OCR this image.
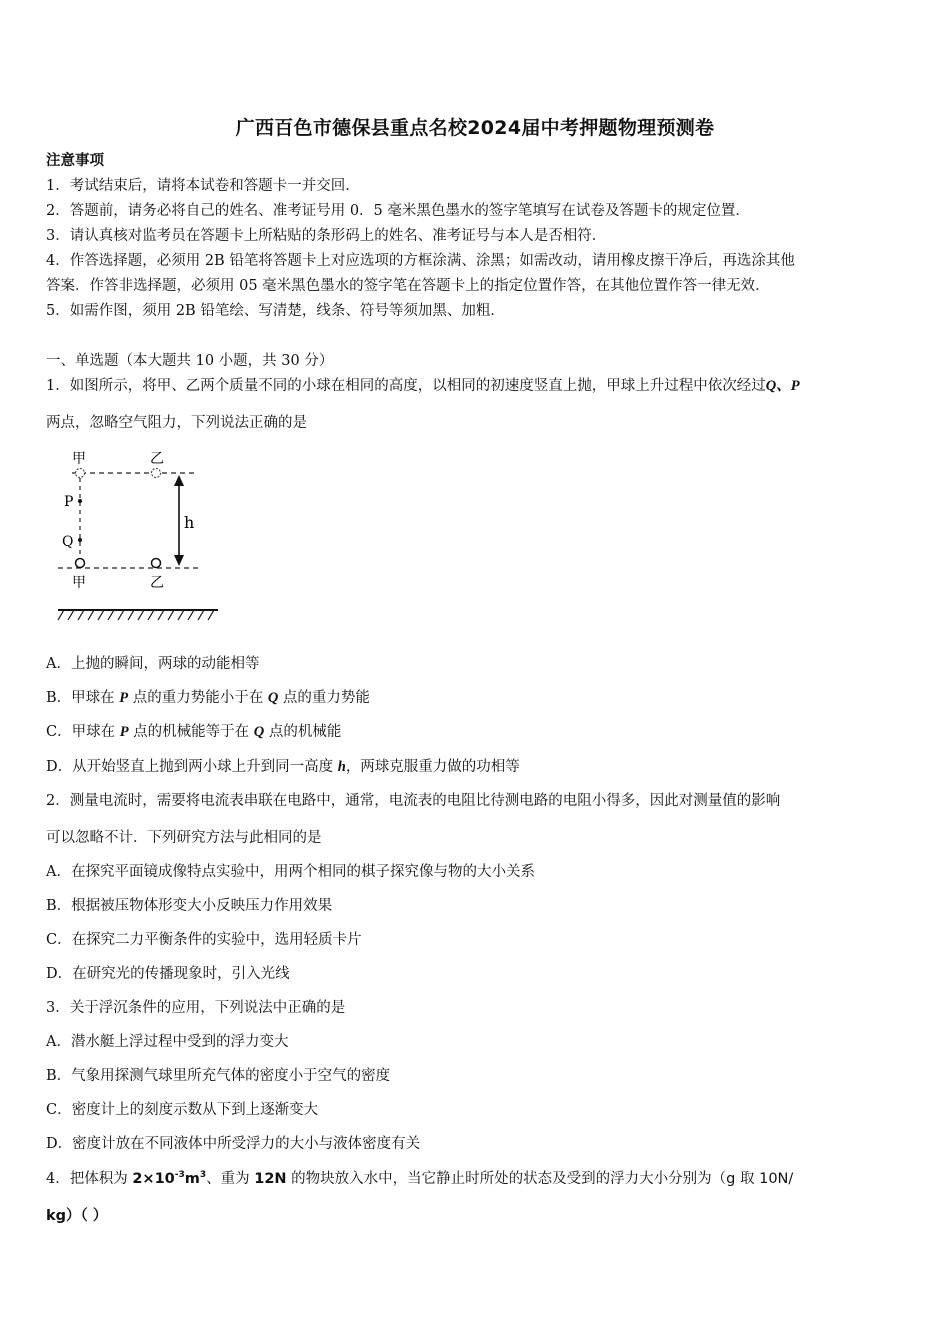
广西百色市德保县重点名校2024届中考押题物理预测卷
注意事项
1．考试结束后，请将本试卷和答题卡一并交回．
2．答题前，请务必将自己的姓名、准考证号用 0．5 毫米黑色墨水的签字笔填写在试卷及答题卡的规定位置．
3．请认真核对监考员在答题卡上所粘贴的条形码上的姓名、准考证号与本人是否相符．
4．作答选择题，必须用 2B 铅笔将答题卡上对应选项的方框涂满、涂黑；如需改动，请用橡皮擦干净后，再选涂其他
答案．作答非选择题，必须用 05 毫米黑色墨水的签字笔在答题卡上的指定位置作答，在其他位置作答一律无效．
5．如需作图，须用 2B 铅笔绘、写清楚，线条、符号等须加黑、加粗．
一、单选题（本大题共 10 小题，共 30 分）
1．如图所示，将甲、乙两个质量不同的小球在相同的高度，以相同的初速度竖直上抛，甲球上升过程中依次经过Q、P
两点，忽略空气阻力，下列说法正确的是
甲	乙
P
Q
甲	乙
h
A．上抛的瞬间，两球的动能相等
B．甲球在 P 点的重力势能小于在 Q 点的重力势能
C．甲球在 P 点的机械能等于在 Q 点的机械能
D．从开始竖直上抛到两小球上升到同一高度 h，两球克服重力做的功相等
2．测量电流时，需要将电流表串联在电路中，通常，电流表的电阻比待测电路的电阻小得多，因此对测量值的影响
可以忽略不计．下列研究方法与此相同的是
A．在探究平面镜成像特点实验中，用两个相同的棋子探究像与物的大小关系
B．根据被压物体形变大小反映压力作用效果
C．在探究二力平衡条件的实验中，选用轻质卡片
D．在研究光的传播现象时，引入光线
3．关于浮沉条件的应用，下列说法中正确的是
A．潜水艇上浮过程中受到的浮力变大
B．气象用探测气球里所充气体的密度小于空气的密度
C．密度计上的刻度示数从下到上逐渐变大
D．密度计放在不同液体中所受浮力的大小与液体密度有关
4．把体积为 $2\times 10^{-3}m^3$、重为 12N 的物块放入水中，当它静止时所处的状态及受到的浮力大小分别为（g 取 10N/
kg）（ ）
